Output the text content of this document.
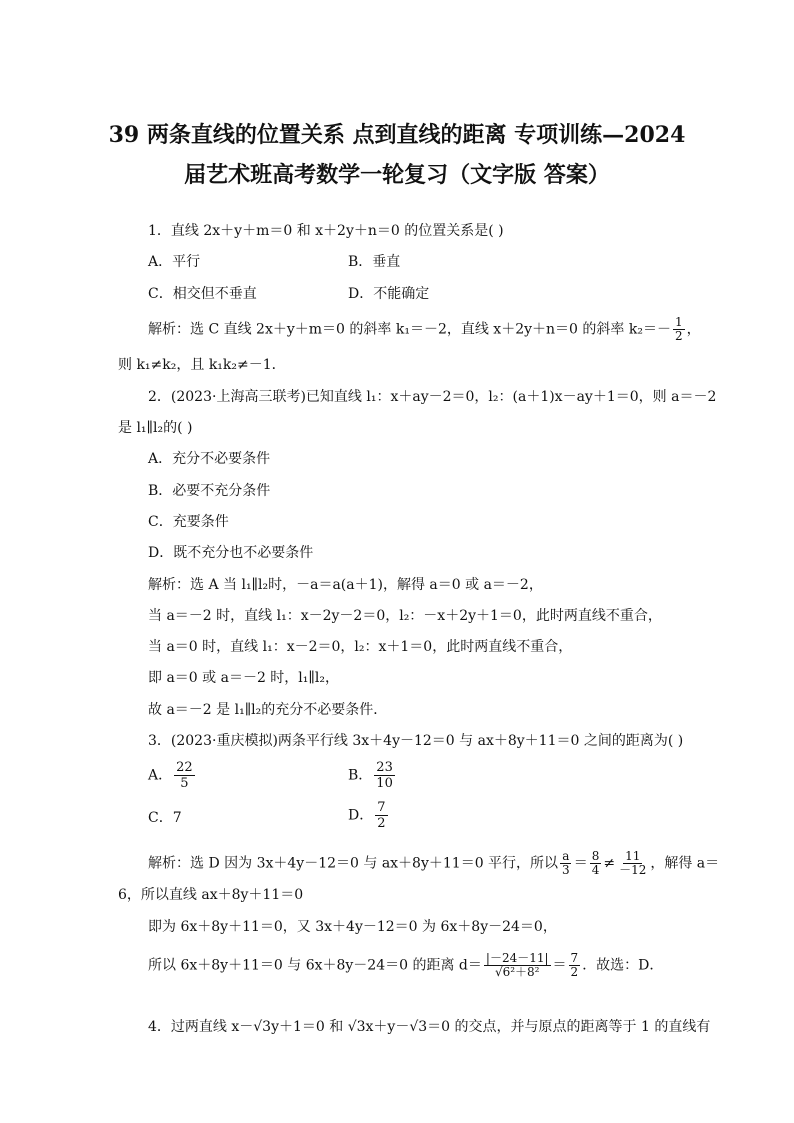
39 两条直线的位置关系 点到直线的距离 专项训练—2024
届艺术班高考数学一轮复习（文字版 答案）
1．直线 2x＋y＋m＝0 和 x＋2y＋n＝0 的位置关系是( )
A．平行	B．垂直
C．相交但不垂直	D．不能确定
解析：选 C 直线 2x＋y＋m＝0 的斜率 k₁＝－2，直线 x＋2y＋n＝0 的斜率 $k_2=- \frac{1}{2}$ ，
则 k₁≠k₂，且 k₁k₂≠－1．
2．(2023·上海高三联考)已知直线 l₁：x＋ay－2＝0，l₂：(a＋1)x－ay＋1＝0，则 a＝－2
是 l₁∥l₂的( )
A．充分不必要条件
B．必要不充分条件
C．充要条件
D．既不充分也不必要条件
解析：选 A 当 l₁∥l₂时，－a＝a(a＋1)，解得 a＝0 或 a＝－2，
当 a＝－2 时，直线 l₁：x－2y－2＝0，l₂：－x＋2y＋1＝0，此时两直线不重合，
当 a＝0 时，直线 l₁：x－2＝0，l₂：x＋1＝0，此时两直线不重合，
即 a＝0 或 a＝－2 时，l₁∥l₂，
故 a＝－2 是 l₁∥l₂的充分不必要条件．
3．(2023·重庆模拟)两条平行线 3x＋4y－12＝0 与 ax＋8y＋11＝0 之间的距离为( )
A． $\frac{22}{5}$	B． $\frac{23}{10}$
C．7	D． $\frac{7}{2}$
解析：选 D 因为 3x＋4y－12＝0 与 ax＋8y＋11＝0 平行，所以 $\frac{a}{3} = \frac{8}{4} \ne \frac{11}{-12}$ ，解得 a＝
6，所以直线 ax＋8y＋11＝0
即为 6x＋8y＋11＝0，又 3x＋4y－12＝0 为 6x＋8y－24＝0，
所以 6x＋8y＋11＝0 与 6x＋8y－24＝0 的距离 $d= \frac{|-24-11|}{\text{√6²＋8²}} = \frac{7}{2}$ ．故选：D．
4．过两直线 x－√3y＋1＝0 和 √3x＋y－√3＝0 的交点，并与原点的距离等于 1 的直线有
